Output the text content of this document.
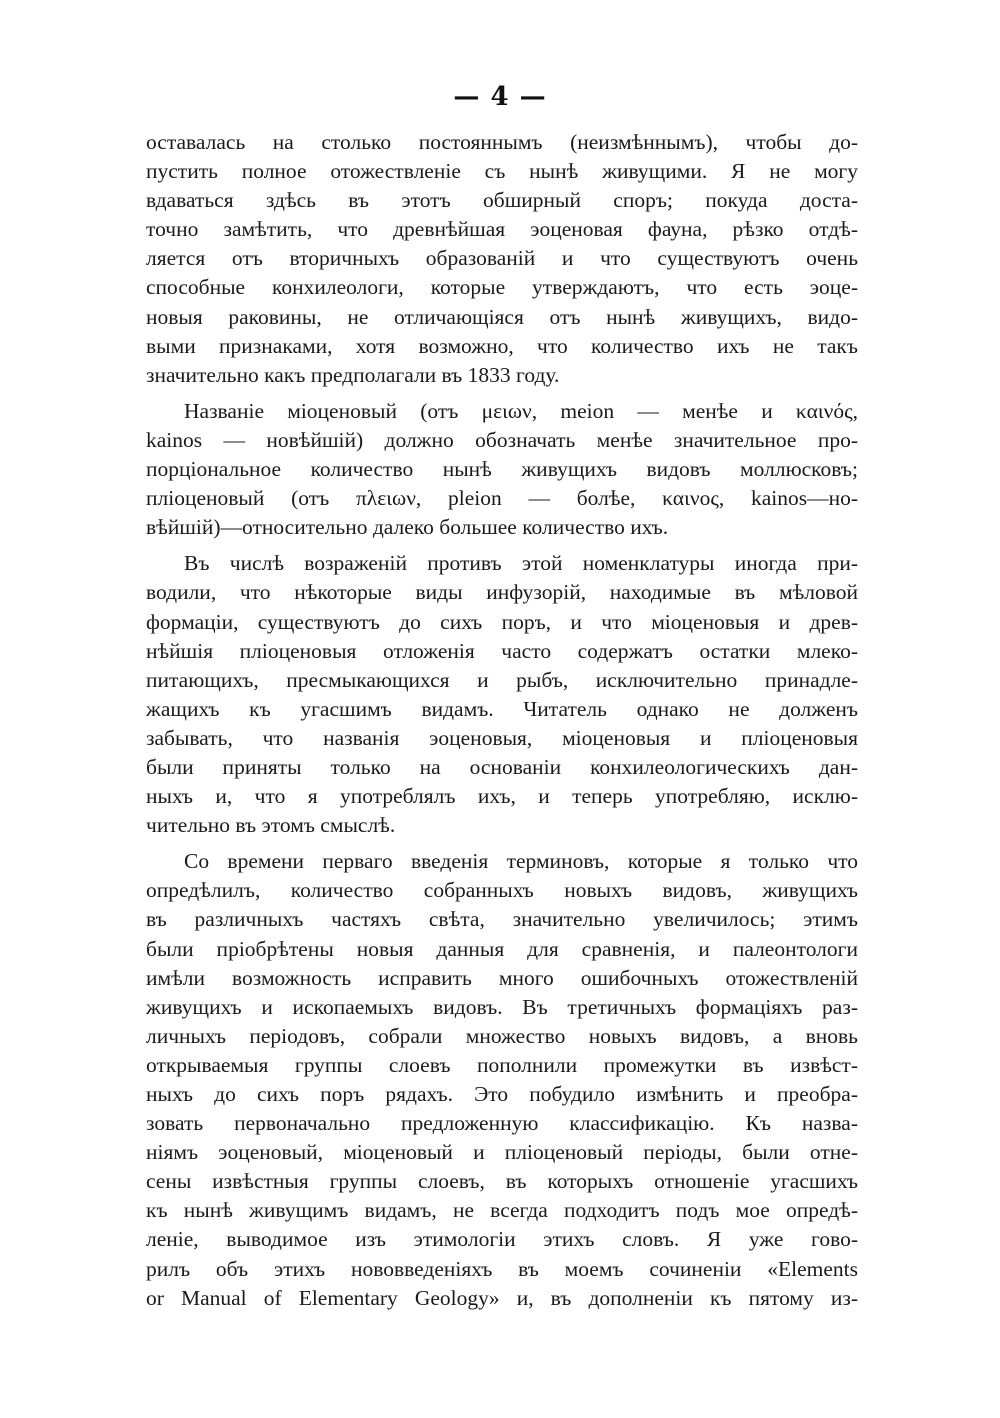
— 4 —
оставалась на столько постояннымъ (неизмѣннымъ), чтобы до-
пустить полное отожествленіе съ нынѣ живущими. Я не могу
вдаваться здѣсь въ этотъ обширный споръ; покуда доста-
точно замѣтить, что древнѣйшая эоценовая фауна, рѣзко отдѣ-
ляется отъ вторичныхъ образованій и что существуютъ очень
способные конхилеологи, которые утверждаютъ, что есть эоце-
новыя раковины, не отличающіяся отъ нынѣ живущихъ, видо-
выми признаками, хотя возможно, что количество ихъ не такъ
значительно какъ предполагали въ 1833 году.
Названіе міоценовый (отъ μειων, meion — менѣе и καινός,
kainos — новѣйшій) должно обозначать менѣе значительное про-
порціональное количество нынѣ живущихъ видовъ моллюсковъ;
пліоценовый (отъ πλειων, pleion — болѣе, καινος, kainos—но-
вѣйшій)—относительно далеко большее количество ихъ.
Въ числѣ возраженій противъ этой номенклатуры иногда при-
водили, что нѣкоторые виды инфузорій, находимые въ мѣловой
формаціи, существуютъ до сихъ поръ, и что міоценовыя и древ-
нѣйшія пліоценовыя отложенія часто содержатъ остатки млеко-
питающихъ, пресмыкающихся и рыбъ, исключительно принадле-
жащихъ къ угасшимъ видамъ. Читатель однако не долженъ
забывать, что названія эоценовыя, міоценовыя и пліоценовыя
были приняты только на основаніи конхилеологическихъ дан-
ныхъ и, что я употреблялъ ихъ, и теперь употребляю, исклю-
чительно въ этомъ смыслѣ.
Со времени перваго введенія терминовъ, которые я только что
опредѣлилъ, количество собранныхъ новыхъ видовъ, живущихъ
въ различныхъ частяхъ свѣта, значительно увеличилось; этимъ
были пріобрѣтены новыя данныя для сравненія, и палеонтологи
имѣли возможность исправить много ошибочныхъ отожествленій
живущихъ и ископаемыхъ видовъ. Въ третичныхъ формаціяхъ раз-
личныхъ періодовъ, собрали множество новыхъ видовъ, а вновь
открываемыя группы слоевъ пополнили промежутки въ извѣст-
ныхъ до сихъ поръ рядахъ. Это побудило измѣнить и преобра-
зовать первоначально предложенную классификацію. Къ назва-
ніямъ эоценовый, міоценовый и пліоценовый періоды, были отне-
сены извѣстныя группы слоевъ, въ которыхъ отношеніе угасшихъ
къ нынѣ живущимъ видамъ, не всегда подходитъ подъ мое опредѣ-
леніе, выводимое изъ этимологіи этихъ словъ. Я уже гово-
рилъ объ этихъ нововведеніяхъ въ моемъ сочиненіи «Elements
or Manual of Elementary Geology» и, въ дополненіи къ пятому из-
